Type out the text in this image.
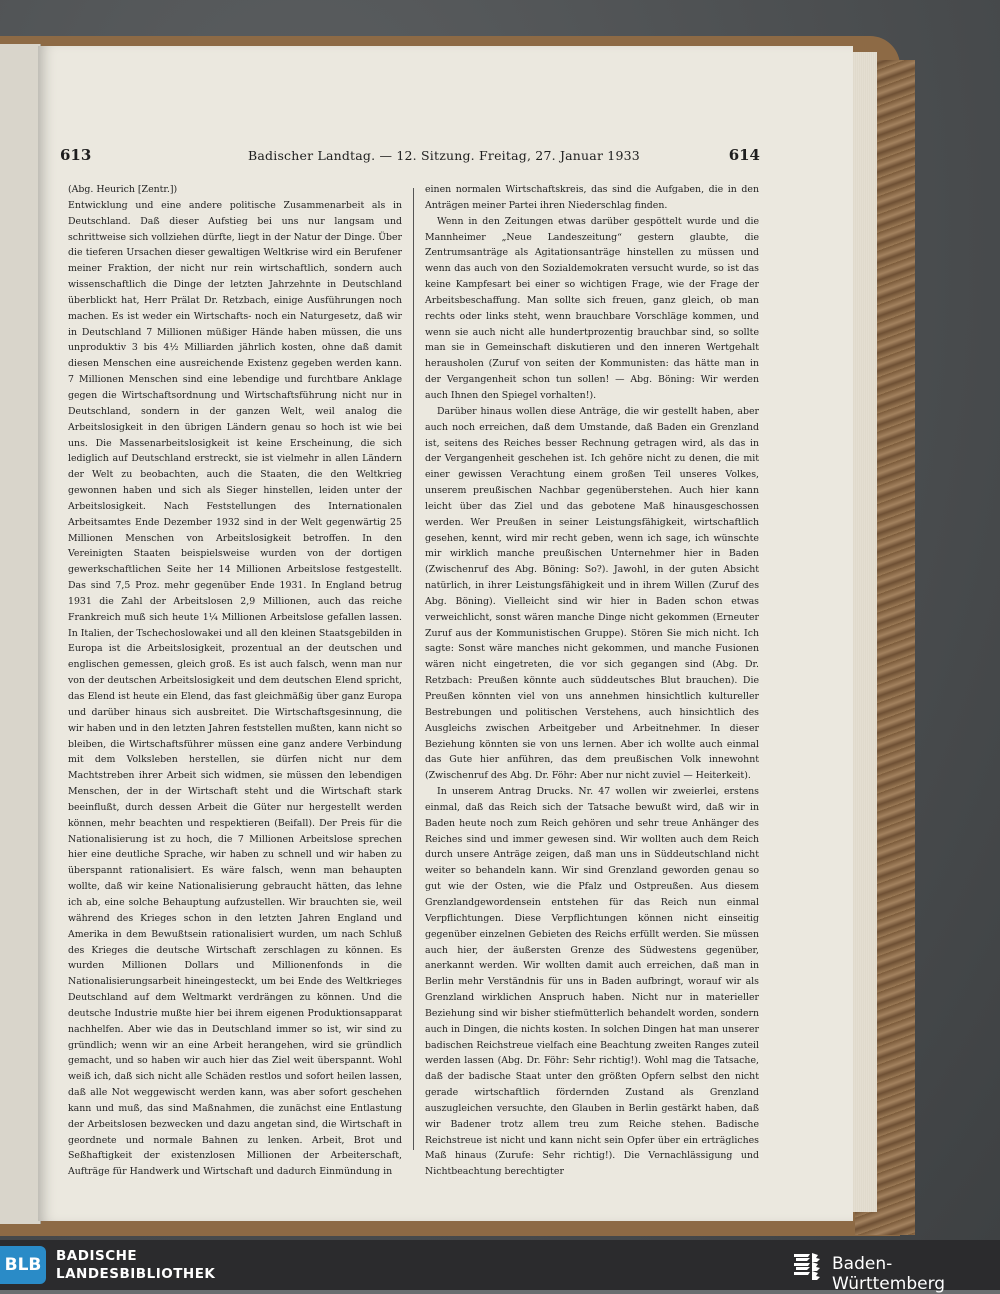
613	Badischer Landtag. — 12. Sitzung. Freitag, 27. Januar 1933	614

(Abg. Heurich [Zentr.])

Entwicklung und eine andere politische Zusammenarbeit als in Deutschland. Daß dieser Aufstieg bei uns nur langsam und schrittweise sich vollziehen dürfte, liegt in der Natur der Dinge. Über die tieferen Ursachen dieser gewaltigen Weltkrise wird ein Berufener meiner Fraktion, der nicht nur rein wirtschaftlich, sondern auch wissenschaftlich die Dinge der letzten Jahrzehnte in Deutschland überblickt hat, Herr Prälat Dr. Retzbach, einige Ausführungen noch machen. Es ist weder ein Wirtschafts- noch ein Naturgesetz, daß wir in Deutschland 7 Millionen müßiger Hände haben müssen, die uns unproduktiv 3 bis 4½ Milliarden jährlich kosten, ohne daß damit diesen Menschen eine ausreichende Existenz gegeben werden kann. 7 Millionen Menschen sind eine lebendige und furchtbare Anklage gegen die Wirtschaftsordnung und Wirtschaftsführung nicht nur in Deutschland, sondern in der ganzen Welt, weil analog die Arbeitslosigkeit in den übrigen Ländern genau so hoch ist wie bei uns. Die Massenarbeitslosigkeit ist keine Erscheinung, die sich lediglich auf Deutschland erstreckt, sie ist vielmehr in allen Ländern der Welt zu beobachten, auch die Staaten, die den Weltkrieg gewonnen haben und sich als Sieger hinstellen, leiden unter der Arbeitslosigkeit. Nach Feststellungen des Internationalen Arbeitsamtes Ende Dezember 1932 sind in der Welt gegenwärtig 25 Millionen Menschen von Arbeitslosigkeit betroffen. In den Vereinigten Staaten beispielsweise wurden von der dortigen gewerkschaftlichen Seite her 14 Millionen Arbeitslose festgestellt. Das sind 7,5 Proz. mehr gegenüber Ende 1931. In England betrug 1931 die Zahl der Arbeitslosen 2,9 Millionen, auch das reiche Frankreich muß sich heute 1¼ Millionen Arbeitslose gefallen lassen. In Italien, der Tschechoslowakei und all den kleinen Staatsgebilden in Europa ist die Arbeitslosigkeit, prozentual an der deutschen und englischen gemessen, gleich groß. Es ist auch falsch, wenn man nur von der deutschen Arbeitslosigkeit und dem deutschen Elend spricht, das Elend ist heute ein Elend, das fast gleichmäßig über ganz Europa und darüber hinaus sich ausbreitet. Die Wirtschaftsgesinnung, die wir haben und in den letzten Jahren feststellen mußten, kann nicht so bleiben, die Wirtschaftsführer müssen eine ganz andere Verbindung mit dem Volksleben herstellen, sie dürfen nicht nur dem Machtstreben ihrer Arbeit sich widmen, sie müssen den lebendigen Menschen, der in der Wirtschaft steht und die Wirtschaft stark beeinflußt, durch dessen Arbeit die Güter nur hergestellt werden können, mehr beachten und respektieren (Beifall). Der Preis für die Nationalisierung ist zu hoch, die 7 Millionen Arbeitslose sprechen hier eine deutliche Sprache, wir haben zu schnell und wir haben zu überspannt rationalisiert. Es wäre falsch, wenn man behaupten wollte, daß wir keine Nationalisierung gebraucht hätten, das lehne ich ab, eine solche Behauptung aufzustellen. Wir brauchten sie, weil während des Krieges schon in den letzten Jahren England und Amerika in dem Bewußtsein rationalisiert wurden, um nach Schluß des Krieges die deutsche Wirtschaft zerschlagen zu können. Es wurden Millionen Dollars und Millionenfonds in die Nationalisierungsarbeit hineingesteckt, um bei Ende des Weltkrieges Deutschland auf dem Weltmarkt verdrängen zu können. Und die deutsche Industrie mußte hier bei ihrem eigenen Produktionsapparat nachhelfen. Aber wie das in Deutschland immer so ist, wir sind zu gründlich; wenn wir an eine Arbeit herangehen, wird sie gründlich gemacht, und so haben wir auch hier das Ziel weit überspannt. Wohl weiß ich, daß sich nicht alle Schäden restlos und sofort heilen lassen, daß alle Not weggewischt werden kann, was aber sofort geschehen kann und muß, das sind Maßnahmen, die zunächst eine Entlastung der Arbeitslosen bezwecken und dazu angetan sind, die Wirtschaft in geordnete und normale Bahnen zu lenken. Arbeit, Brot und Seßhaftigkeit der existenzlosen Millionen der Arbeiterschaft, Aufträge für Handwerk und Wirtschaft und dadurch Einmündung in

einen normalen Wirtschaftskreis, das sind die Aufgaben, die in den Anträgen meiner Partei ihren Niederschlag finden.

Wenn in den Zeitungen etwas darüber gespöttelt wurde und die Mannheimer „Neue Landeszeitung“ gestern glaubte, die Zentrumsanträge als Agitationsanträge hinstellen zu müssen und wenn das auch von den Sozialdemokraten versucht wurde, so ist das keine Kampfesart bei einer so wichtigen Frage, wie der Frage der Arbeitsbeschaffung. Man sollte sich freuen, ganz gleich, ob man rechts oder links steht, wenn brauchbare Vorschläge kommen, und wenn sie auch nicht alle hundertprozentig brauchbar sind, so sollte man sie in Gemeinschaft diskutieren und den inneren Wertgehalt herausholen (Zuruf von seiten der Kommunisten: das hätte man in der Vergangenheit schon tun sollen! — Abg. Böning: Wir werden auch Ihnen den Spiegel vorhalten!).

Darüber hinaus wollen diese Anträge, die wir gestellt haben, aber auch noch erreichen, daß dem Umstande, daß Baden ein Grenzland ist, seitens des Reiches besser Rechnung getragen wird, als das in der Vergangenheit geschehen ist. Ich gehöre nicht zu denen, die mit einer gewissen Verachtung einem großen Teil unseres Volkes, unserem preußischen Nachbar gegenüberstehen. Auch hier kann leicht über das Ziel und das gebotene Maß hinausgeschossen werden. Wer Preußen in seiner Leistungsfähigkeit, wirtschaftlich gesehen, kennt, wird mir recht geben, wenn ich sage, ich wünschte mir wirklich manche preußischen Unternehmer hier in Baden (Zwischenruf des Abg. Böning: So?). Jawohl, in der guten Absicht natürlich, in ihrer Leistungsfähigkeit und in ihrem Willen (Zuruf des Abg. Böning). Vielleicht sind wir hier in Baden schon etwas verweichlicht, sonst wären manche Dinge nicht gekommen (Erneuter Zuruf aus der Kommunistischen Gruppe). Stören Sie mich nicht. Ich sagte: Sonst wäre manches nicht gekommen, und manche Fusionen wären nicht eingetreten, die vor sich gegangen sind (Abg. Dr. Retzbach: Preußen könnte auch süddeutsches Blut brauchen). Die Preußen könnten viel von uns annehmen hinsichtlich kultureller Bestrebungen und politischen Verstehens, auch hinsichtlich des Ausgleichs zwischen Arbeitgeber und Arbeitnehmer. In dieser Beziehung könnten sie von uns lernen. Aber ich wollte auch einmal das Gute hier anführen, das dem preußischen Volk innewohnt (Zwischenruf des Abg. Dr. Föhr: Aber nur nicht zuviel — Heiterkeit).

In unserem Antrag Drucks. Nr. 47 wollen wir zweierlei, erstens einmal, daß das Reich sich der Tatsache bewußt wird, daß wir in Baden heute noch zum Reich gehören und sehr treue Anhänger des Reiches sind und immer gewesen sind. Wir wollten auch dem Reich durch unsere Anträge zeigen, daß man uns in Süddeutschland nicht weiter so behandeln kann. Wir sind Grenzland geworden genau so gut wie der Osten, wie die Pfalz und Ostpreußen. Aus diesem Grenzlandgewordensein entstehen für das Reich nun einmal Verpflichtungen. Diese Verpflichtungen können nicht einseitig gegenüber einzelnen Gebieten des Reichs erfüllt werden. Sie müssen auch hier, der äußersten Grenze des Südwestens gegenüber, anerkannt werden. Wir wollten damit auch erreichen, daß man in Berlin mehr Verständnis für uns in Baden aufbringt, worauf wir als Grenzland wirklichen Anspruch haben. Nicht nur in materieller Beziehung sind wir bisher stiefmütterlich behandelt worden, sondern auch in Dingen, die nichts kosten. In solchen Dingen hat man unserer badischen Reichstreue vielfach eine Beachtung zweiten Ranges zuteil werden lassen (Abg. Dr. Föhr: Sehr richtig!). Wohl mag die Tatsache, daß der badische Staat unter den größten Opfern selbst den nicht gerade wirtschaftlich fördernden Zustand als Grenzland auszugleichen versuchte, den Glauben in Berlin gestärkt haben, daß wir Badener trotz allem treu zum Reiche stehen. Badische Reichstreue ist nicht und kann nicht sein Opfer über ein erträgliches Maß hinaus (Zurufe: Sehr richtig!). Die Vernachlässigung und Nichtbeachtung berechtigter

BLB	BADISCHE
LANDESBIBLIOTHEK	Baden-Württemberg
